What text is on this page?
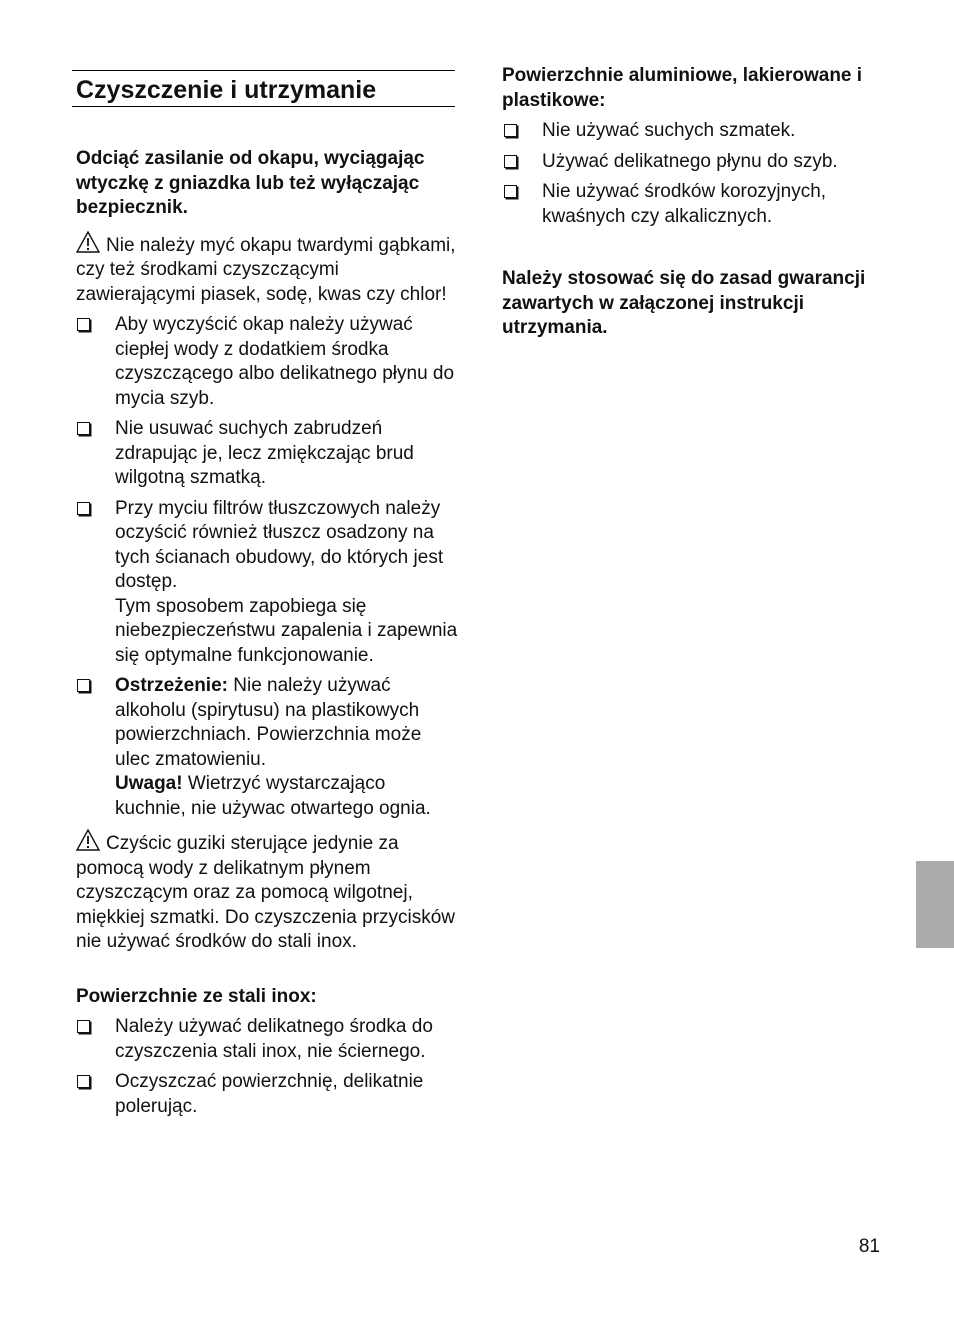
Czyszczenie i utrzymanie

Odciąć zasilanie od okapu, wyciągając wtyczkę z gniazdka lub też wyłączając bezpiecznik.

Nie należy myć okapu twardymi gąbkami, czy też środkami czyszczącymi zawierającymi piasek, sodę, kwas czy chlor!

Aby wyczyścić okap należy używać ciepłej wody z dodatkiem środka czyszczącego albo delikatnego płynu do mycia szyb.
Nie usuwać suchych zabrudzeń zdrapując je, lecz zmiękczając brud wilgotną szmatką.
Przy myciu filtrów tłuszczowych należy oczyścić również tłuszcz osadzony na tych ścianach obudowy, do których jest dostęp.
Tym sposobem zapobiega się niebezpieczeństwu zapalenia i zapewnia się optymalne funkcjonowanie.
Ostrzeżenie: Nie należy używać alkoholu (spirytusu) na plastikowych powierzchniach. Powierzchnia może ulec zmatowieniu.
Uwaga! Wietrzyć wystarczająco kuchnie, nie używac otwartego ognia.

Czyścic guziki sterujące jedynie za pomocą wody z delikatnym płynem czyszczącym oraz za pomocą wilgotnej, miękkiej szmatki. Do czyszczenia przycisków nie używać środków do stali inox.

Powierzchnie ze stali inox:

Należy używać delikatnego środka do czyszczenia stali inox, nie ściernego.
Oczyszczać powierzchnię, delikatnie polerując.

Powierzchnie aluminiowe, lakierowane i plastikowe:

Nie używać suchych szmatek.
Używać delikatnego płynu do szyb.
Nie używać środków korozyjnych, kwaśnych czy alkalicznych.

Należy stosować się do zasad gwarancji zawartych w załączonej instrukcji utrzymania.

81
